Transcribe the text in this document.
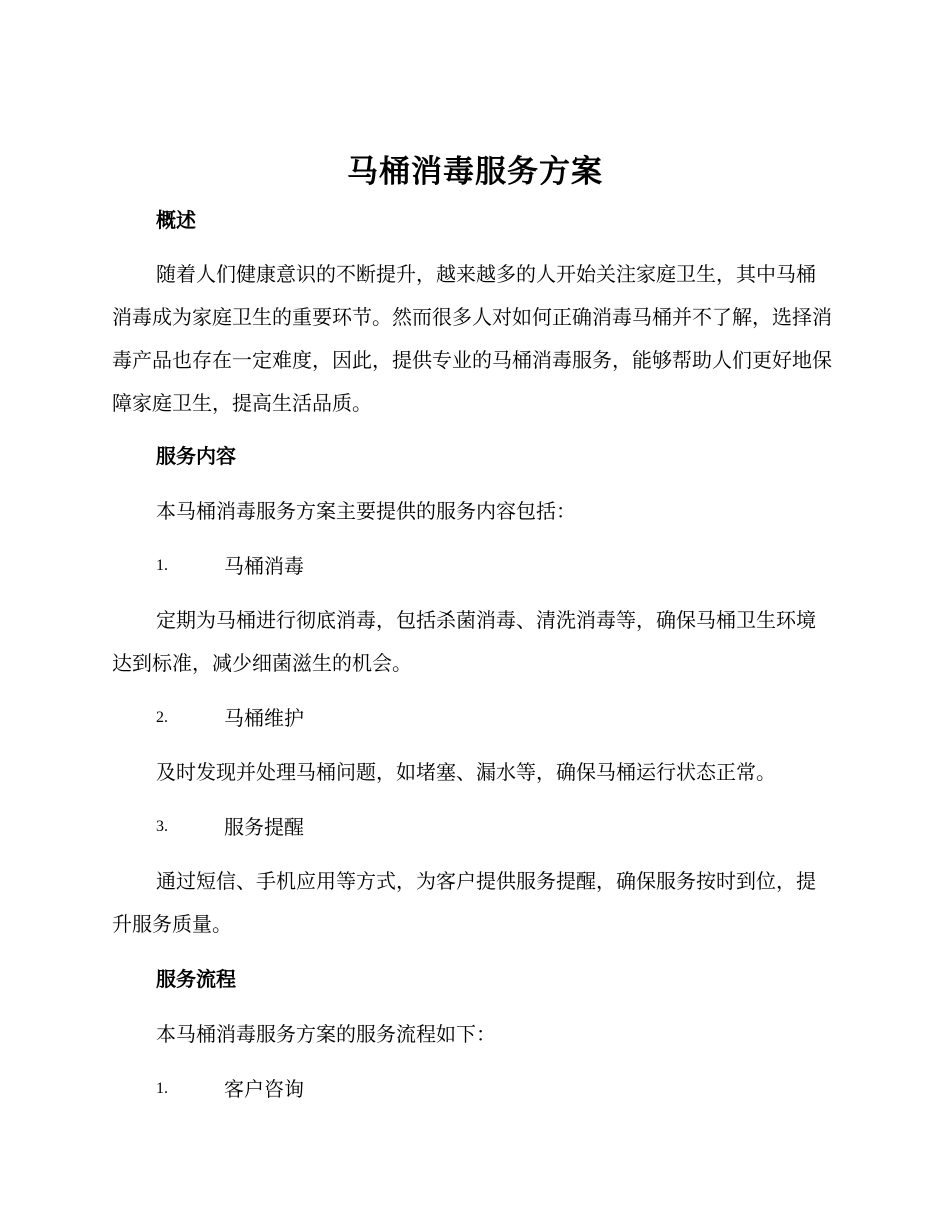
马桶消毒服务方案
概述

随着人们健康意识的不断提升，越来越多的人开始关注家庭卫生，其中马桶消毒成为家庭卫生的重要环节。然而很多人对如何正确消毒马桶并不了解，选择消毒产品也存在一定难度，因此，提供专业的马桶消毒服务，能够帮助人们更好地保障家庭卫生，提高生活品质。

服务内容
本马桶消毒服务方案主要提供的服务内容包括：
1.	马桶消毒

定期为马桶进行彻底消毒，包括杀菌消毒、清洗消毒等，确保马桶卫生环境达到标准，减少细菌滋生的机会。

2.	马桶维护

及时发现并处理马桶问题，如堵塞、漏水等，确保马桶运行状态正常。

3.	服务提醒

通过短信、手机应用等方式，为客户提供服务提醒，确保服务按时到位，提升服务质量。

服务流程
本马桶消毒服务方案的服务流程如下：
1.	客户咨询
